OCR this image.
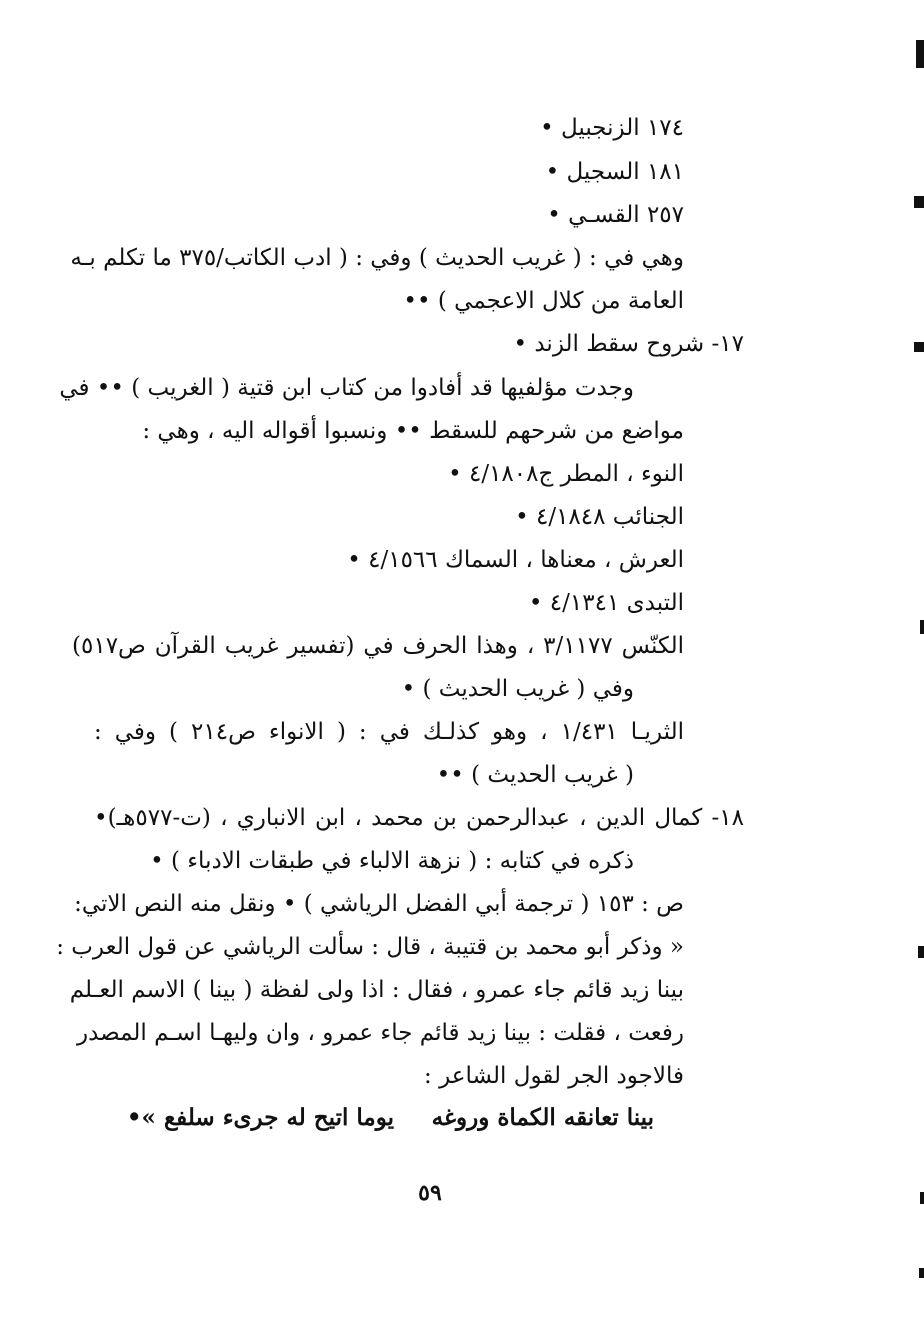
١٧٤ الزنجبيل •
١٨١ السجيل •
٢٥٧ القسـي •
وهي في : ( غريب الحديث ) وفي : ( ادب الكاتب/٣٧٥ ما تكلم بـه
العامة من كلال الاعجمي ) ••
١٧- شروح سقط الزند •
وجدت مؤلفيها قد أفادوا من كتاب ابن قتية ( الغريب ) •• في
مواضع من شرحهم للسقط •• ونسبوا أقواله اليه ، وهي :
النوء ، المطر ج٤/١٨٠٨ •
الجنائب ٤/١٨٤٨ •
العرش ، معناها ، السماك ٤/١٥٦٦ •
التبدى ٤/١٣٤١ •
الكنّس ٣/١١٧٧ ، وهذا الحرف في (تفسير غريب القرآن ص٥١٧)
وفي ( غريب الحديث ) •
الثريـا ١/٤٣١ ، وهو كذلـك في : ( الانواء ص٢١٤ ) وفي :
( غريب الحديث ) ••
١٨- كمال الدين ، عبدالرحمن بن محمد ، ابن الانباري ، (ت-٥٧٧هـ)•
ذكره في كتابه : ( نزهة الالباء في طبقات الادباء ) •
ص : ١٥٣ ( ترجمة أبي الفضل الرياشي ) • ونقل منه النص الاتي:
« وذكر أبو محمد بن قتيبة ، قال : سألت الرياشي عن قول العرب :
بينا زيد قائم جاء عمرو ، فقال : اذا ولى لفظة ( بينا ) الاسم العـلم
رفعت ، فقلت : بينا زيد قائم جاء عمرو ، وان وليهـا اسـم المصدر
فالاجود الجر لقول الشاعر :
بينا تعانقه الكماة وروغه
يوما اتيح له جرىء سلفع »•
٥٩
